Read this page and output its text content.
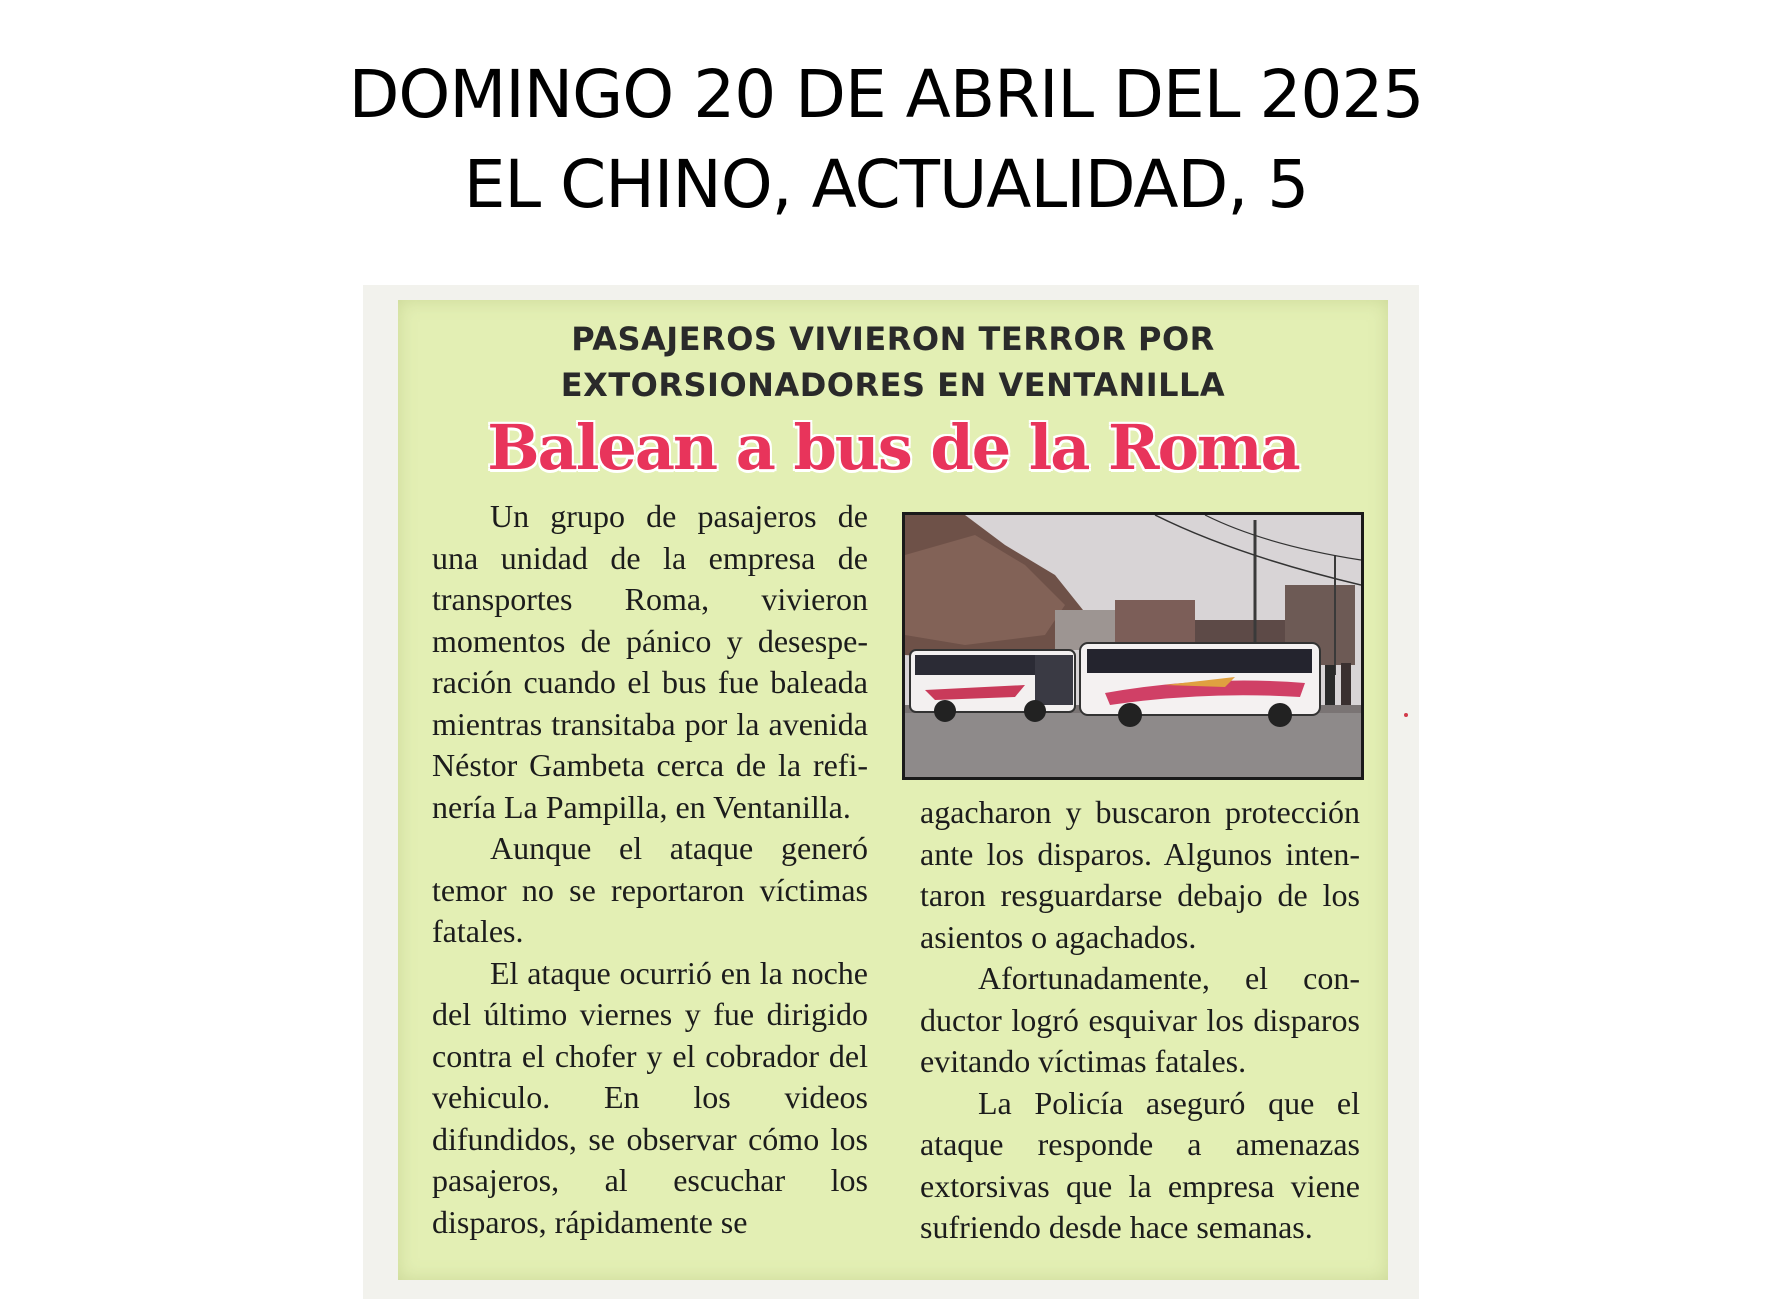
DOMINGO 20 DE ABRIL DEL 2025
EL CHINO, ACTUALIDAD, 5
PASAJEROS VIVIERON TERROR POR
EXTORSIONADORES EN VENTANILLA
Balean a bus de la Roma

Un grupo de pasajeros de una unidad de la empresa de transportes Roma, vivieron momentos de pánico y desesperación cuando el bus fue baleada mientras transitaba por la avenida Néstor Gambeta cerca de la refinería La Pampilla, en Ventanilla.

Aunque el ataque generó temor no se reportaron víctimas fatales.

El ataque ocurrió en la noche del último viernes y fue dirigido contra el chofer y el cobrador del vehiculo. En los videos difundidos, se observar cómo los pasajeros, al escuchar los disparos, rápidamente se

agacharon y buscaron protección ante los disparos. Algunos intentaron resguardarse debajo de los asientos o agachados.

Afortunadamente, el conductor logró esquivar los disparos evitando víctimas fatales.

La Policía aseguró que el ataque responde a amenazas extorsivas que la empresa viene sufriendo desde hace semanas.
